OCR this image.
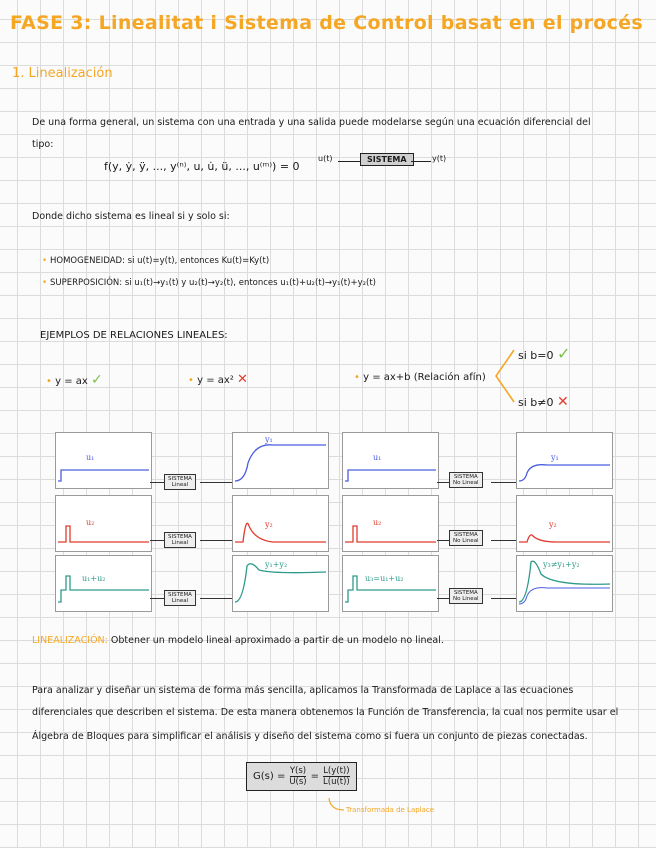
FASE 3: Linealitat i Sistema de Control basat en el procés
1. Linealización
De una forma general, un sistema con una entrada y una salida puede modelarse según una ecuación diferencial del
tipo:
f(y, ẏ, ÿ, ..., y⁽ⁿ⁾, u, u̇, ü, ..., u⁽ᵐ⁾) = 0
u(t)	SISTEMA	y(t)
Donde dicho sistema es lineal si y solo si:
• HOMOGENEIDAD: si u(t)=y(t), entonces Ku(t)=Ky(t)
• SUPERPOSICIÓN: si u₁(t)→y₁(t) y u₂(t)→y₂(t), entonces u₁(t)+u₂(t)→y₁(t)+y₂(t)
EJEMPLOS DE RELACIONES LINEALES:
• y = ax ✓	• y = ax² ✕	• y = ax+b (Relación afín)
si b=0 ✓
si b≠0 ✕
u₁
SISTEMA
Lineal
y₁
u₂
SISTEMA
Lineal
y₂
u₁+u₂
SISTEMA
Lineal
y₁+y₂
u₁
SISTEMA
No Lineal
y₁
u₂
SISTEMA
No Lineal
y₂
u₃=u₁+u₂
SISTEMA
No Lineal
y₃≠y₁+y₂
LINEALIZACIÓN: Obtener un modelo lineal aproximado a partir de un modelo no lineal.
Para analizar y diseñar un sistema de forma más sencilla, aplicamos la Transformada de Laplace a las ecuaciones
diferenciales que describen el sistema. De esta manera obtenemos la Función de Transferencia, la cual nos permite usar el
Álgebra de Bloques para simplificar el análisis y diseño del sistema como si fuera un conjunto de piezas conectadas.
$G(s) = \frac{Y(s)}{U(s)} = \frac{L(y(t))}{L(u(t))}$
Transformada de Laplace
